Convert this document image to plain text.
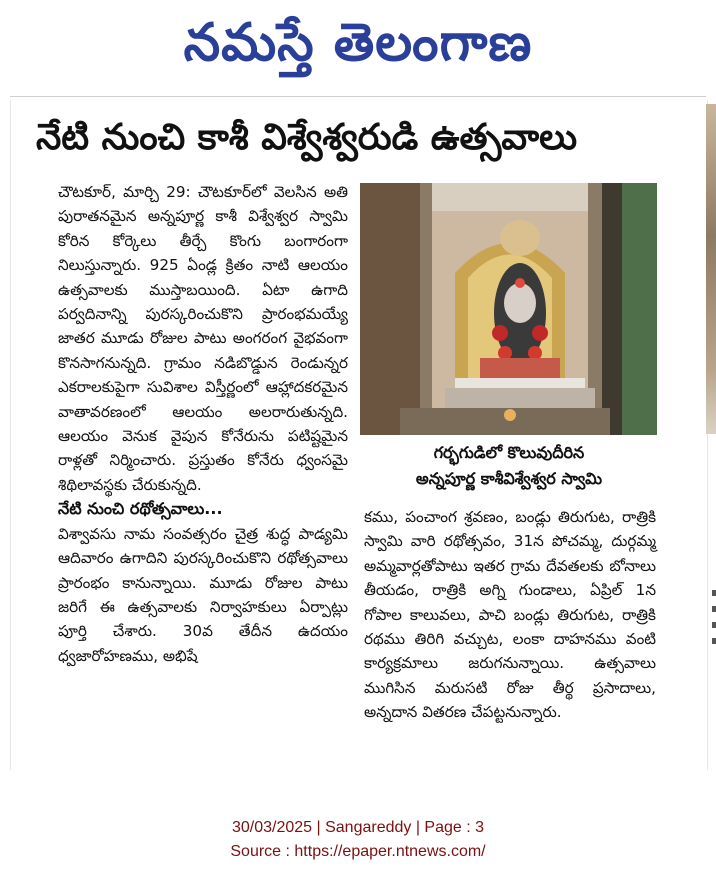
నమస్తే తెలంగాణ
నేటి నుంచి కాశీ విశ్వేశ్వరుడి ఉత్సవాలు

చౌటకూర్, మార్చి 29: చౌటకూర్‌లో వెలసిన అతి పురాతనమైన అన్నపూర్ణ కాశీ విశ్వేశ్వర స్వామి కోరిన కోర్కెలు తీర్చే కొంగు బంగారంగా నిలుస్తున్నారు. 925 ఏండ్ల క్రితం నాటి ఆలయం ఉత్సవాలకు ముస్తాబయింది. ఏటా ఉగాది పర్వదినాన్ని పురస్కరించుకొని ప్రారంభమయ్యే జాతర మూడు రోజుల పాటు అంగరంగ వైభవంగా కొనసాగనున్నది. గ్రామం నడిబొడ్డున రెండున్నర ఎకరాలకుపైగా సువిశాల విస్తీర్ణంలో ఆహ్లాదకరమైన వాతావరణంలో ఆలయం అలరారుతున్నది. ఆలయం వెనుక వైపున కోనేరును పటిష్టమైన రాళ్లతో నిర్మించారు. ప్రస్తుతం కోనేరు ధ్వంసమై శిథిలావస్థకు చేరుకున్నది.

నేటి నుంచి రథోత్సవాలు...

విశ్వావసు నామ సంవత్సరం చైత్ర శుద్ధ పాడ్యమి ఆదివారం ఉగాదిని పురస్కరించుకొని రథోత్సవాలు ప్రారంభం కానున్నాయి. మూడు రోజుల పాటు జరిగే ఈ ఉత్సవాలకు నిర్వాహకులు ఏర్పాట్లు పూర్తి చేశారు. 30వ తేదీన ఉదయం ధ్వజారోహణము, అభిషే

గర్భగుడిలో కొలువుదీరిన
అన్నపూర్ణ కాశీవిశ్వేశ్వర స్వామి

కము, పంచాంగ శ్రవణం, బండ్లు తిరుగుట, రాత్రికి స్వామి వారి రథోత్సవం, 31న పోచమ్మ, దుర్గమ్మ అమ్మవార్లతోపాటు ఇతర గ్రామ దేవతలకు బోనాలు తీయడం, రాత్రికి అగ్ని గుండాలు, ఏప్రిల్ 1న గోపాల కాలువలు, పాచి బండ్లు తిరుగుట, రాత్రికి రథము తిరిగి వచ్చుట, లంకా దాహనము వంటి కార్యక్రమాలు జరుగనున్నాయి. ఉత్సవాలు ముగిసిన మరుసటి రోజు తీర్థ ప్రసాదాలు, అన్నదాన వితరణ చేపట్టనున్నారు.

30/03/2025 | Sangareddy | Page : 3
Source : https://epaper.ntnews.com/
